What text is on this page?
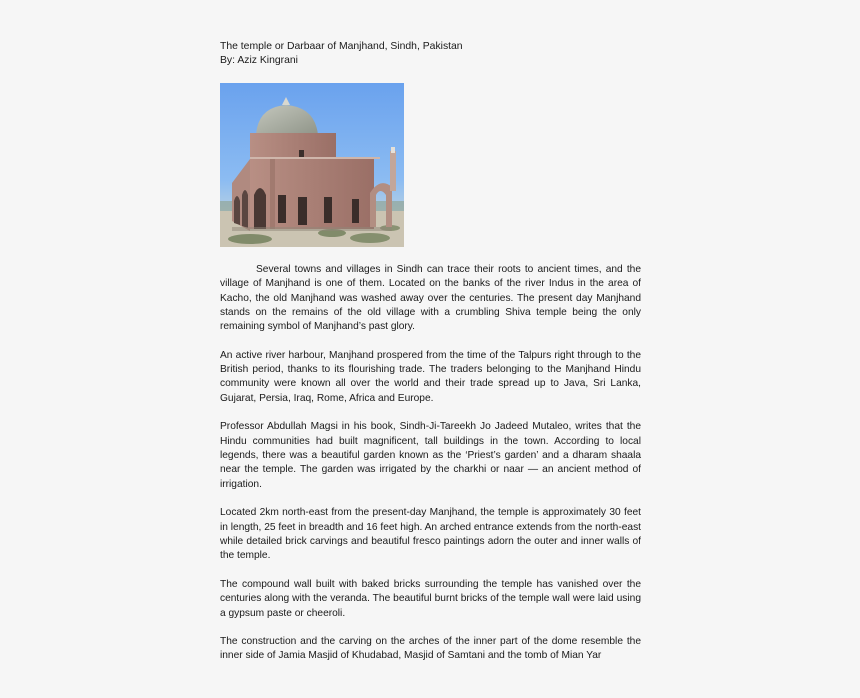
The temple or Darbaar of Manjhand, Sindh, Pakistan
By: Aziz Kingrani

Several towns and villages in Sindh can trace their roots to ancient times, and the village of Manjhand is one of them. Located on the banks of the river Indus in the area of Kacho, the old Manjhand was washed away over the centuries. The present day Manjhand stands on the remains of the old village with a crumbling Shiva temple being the only remaining symbol of Manjhand’s past glory.

An active river harbour, Manjhand prospered from the time of the Talpurs right through to the British period, thanks to its flourishing trade. The traders belonging to the Manjhand Hindu community were known all over the world and their trade spread up to Java, Sri Lanka, Gujarat, Persia, Iraq, Rome, Africa and Europe.

Professor Abdullah Magsi in his book, Sindh-Ji-Tareekh Jo Jadeed Mutaleo, writes that the Hindu communities had built magnificent, tall buildings in the town. According to local legends, there was a beautiful garden known as the ‘Priest’s garden’ and a dharam shaala near the temple. The garden was irrigated by the charkhi or naar — an ancient method of irrigation.

Located 2km north-east from the present-day Manjhand, the temple is approximately 30 feet in length, 25 feet in breadth and 16 feet high. An arched entrance extends from the north-east while detailed brick carvings and beautiful fresco paintings adorn the outer and inner walls of the temple.

The compound wall built with baked bricks surrounding the temple has vanished over the centuries along with the veranda. The beautiful burnt bricks of the temple wall were laid using a gypsum paste or cheeroli.

The construction and the carving on the arches of the inner part of the dome resemble the inner side of Jamia Masjid of Khudabad, Masjid of Samtani and the tomb of Mian Yar
